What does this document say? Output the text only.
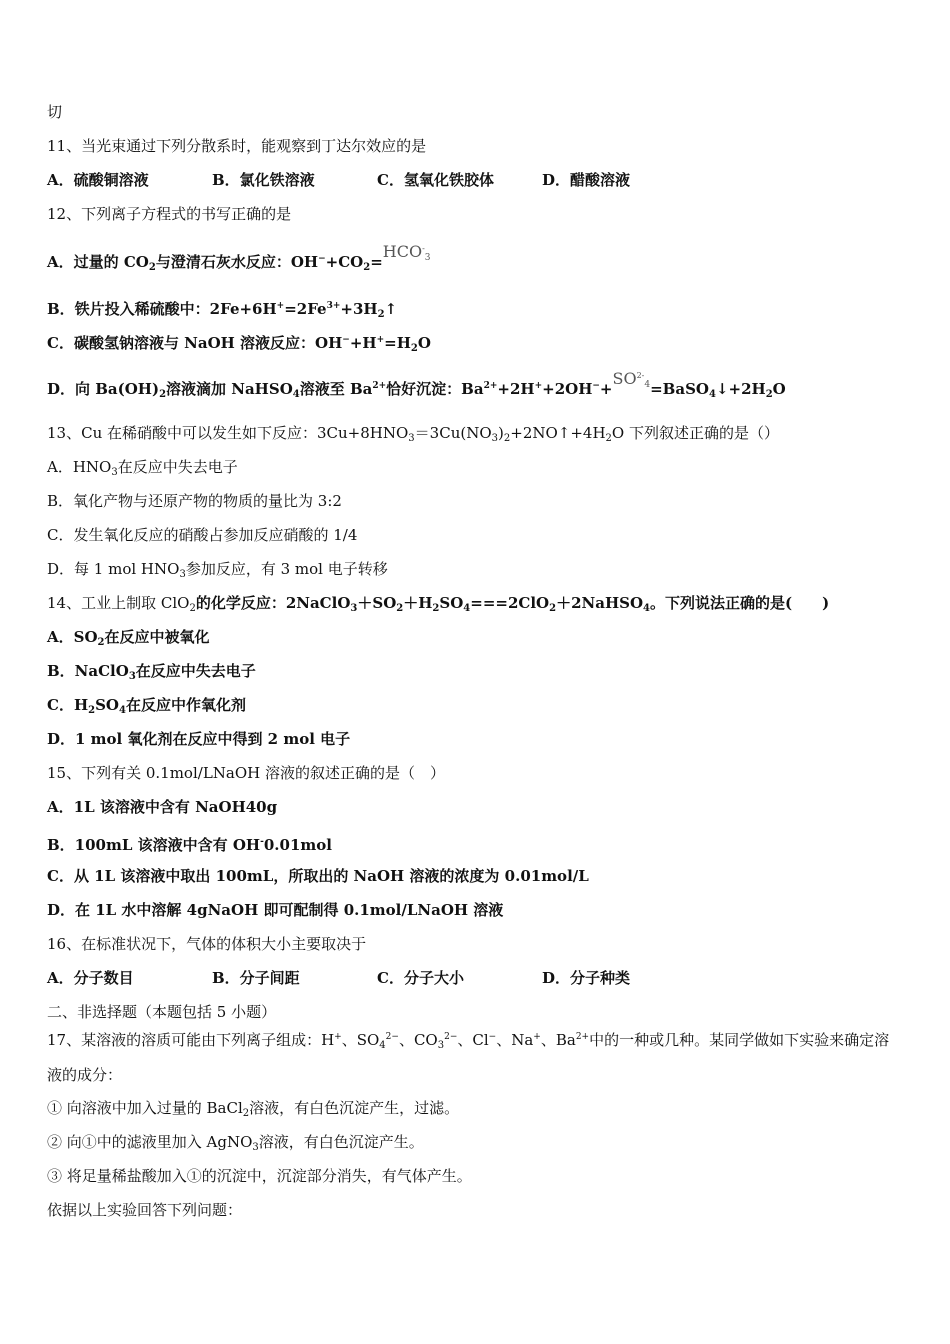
切
11、当光束通过下列分散系时，能观察到丁达尔效应的是
A．硫酸铜溶液	B．氯化铁溶液	C．氢氧化铁胶体	D．醋酸溶液
12、下列离子方程式的书写正确的是
A．过量的 $CO_2$与澄清石灰水反应：$OH^-+CO_2=HCO^-_3$
B．铁片投入稀硫酸中：$2Fe+6H^+=2Fe^{3+}+3H_2↑$
C．碳酸氢钠溶液与 NaOH 溶液反应：$OH^-+H^+=H_2O$
D．向 $Ba(OH)_2$溶液滴加 NaHSO$_4$溶液至 $Ba^{2+}$恰好沉淀：$Ba^{2+}+2H^++2OH^-+SO^{2-}_4=BaSO_4↓+2H_2O$
13、Cu 在稀硝酸中可以发生如下反应：$3Cu+8HNO_3=3Cu(NO_3)_2+2NO↑+4H_2O$ 下列叙述正确的是（）
A．$HNO_3$在反应中失去电子
B．氧化产物与还原产物的物质的量比为 3:2
C．发生氧化反应的硝酸占参加反应硝酸的 1/4
D．每 1 mol $HNO_3$参加反应，有 3 mol 电子转移
14、工业上制取 ClO$_2$的化学反应：$2NaClO_3+SO_2+H_2SO_4===2ClO_2+2NaHSO_4$。下列说法正确的是(　　)
A．$SO_2$在反应中被氧化
B．NaClO$_3$在反应中失去电子
C．$H_2SO_4$在反应中作氧化剂
D．1 mol 氧化剂在反应中得到 2 mol 电子
15、下列有关 0.1mol/LNaOH 溶液的叙述正确的是（　）
A．1L 该溶液中含有 NaOH40g
B．100mL 该溶液中含有 OH-0.01mol
C．从 1L 该溶液中取出 100mL，所取出的 NaOH 溶液的浓度为 0.01mol/L
D．在 1L 水中溶解 4gNaOH 即可配制得 0.1mol/LNaOH 溶液
16、在标准状况下，气体的体积大小主要取决于
A．分子数目	B．分子间距	C．分子大小	D．分子种类
二、非选择题（本题包括 5 小题）
17、某溶液的溶质可能由下列离子组成：H+、$SO_4^{2-}$、$CO_3^{2-}$、Cl−、Na+、$Ba^{2+}$中的一种或几种。某同学做如下实验来确定溶
液的成分：
① 向溶液中加入过量的 BaCl$_2$溶液，有白色沉淀产生，过滤。
② 向①中的滤液里加入 AgNO$_3$溶液，有白色沉淀产生。
③ 将足量稀盐酸加入①的沉淀中，沉淀部分消失，有气体产生。
依据以上实验回答下列问题：
